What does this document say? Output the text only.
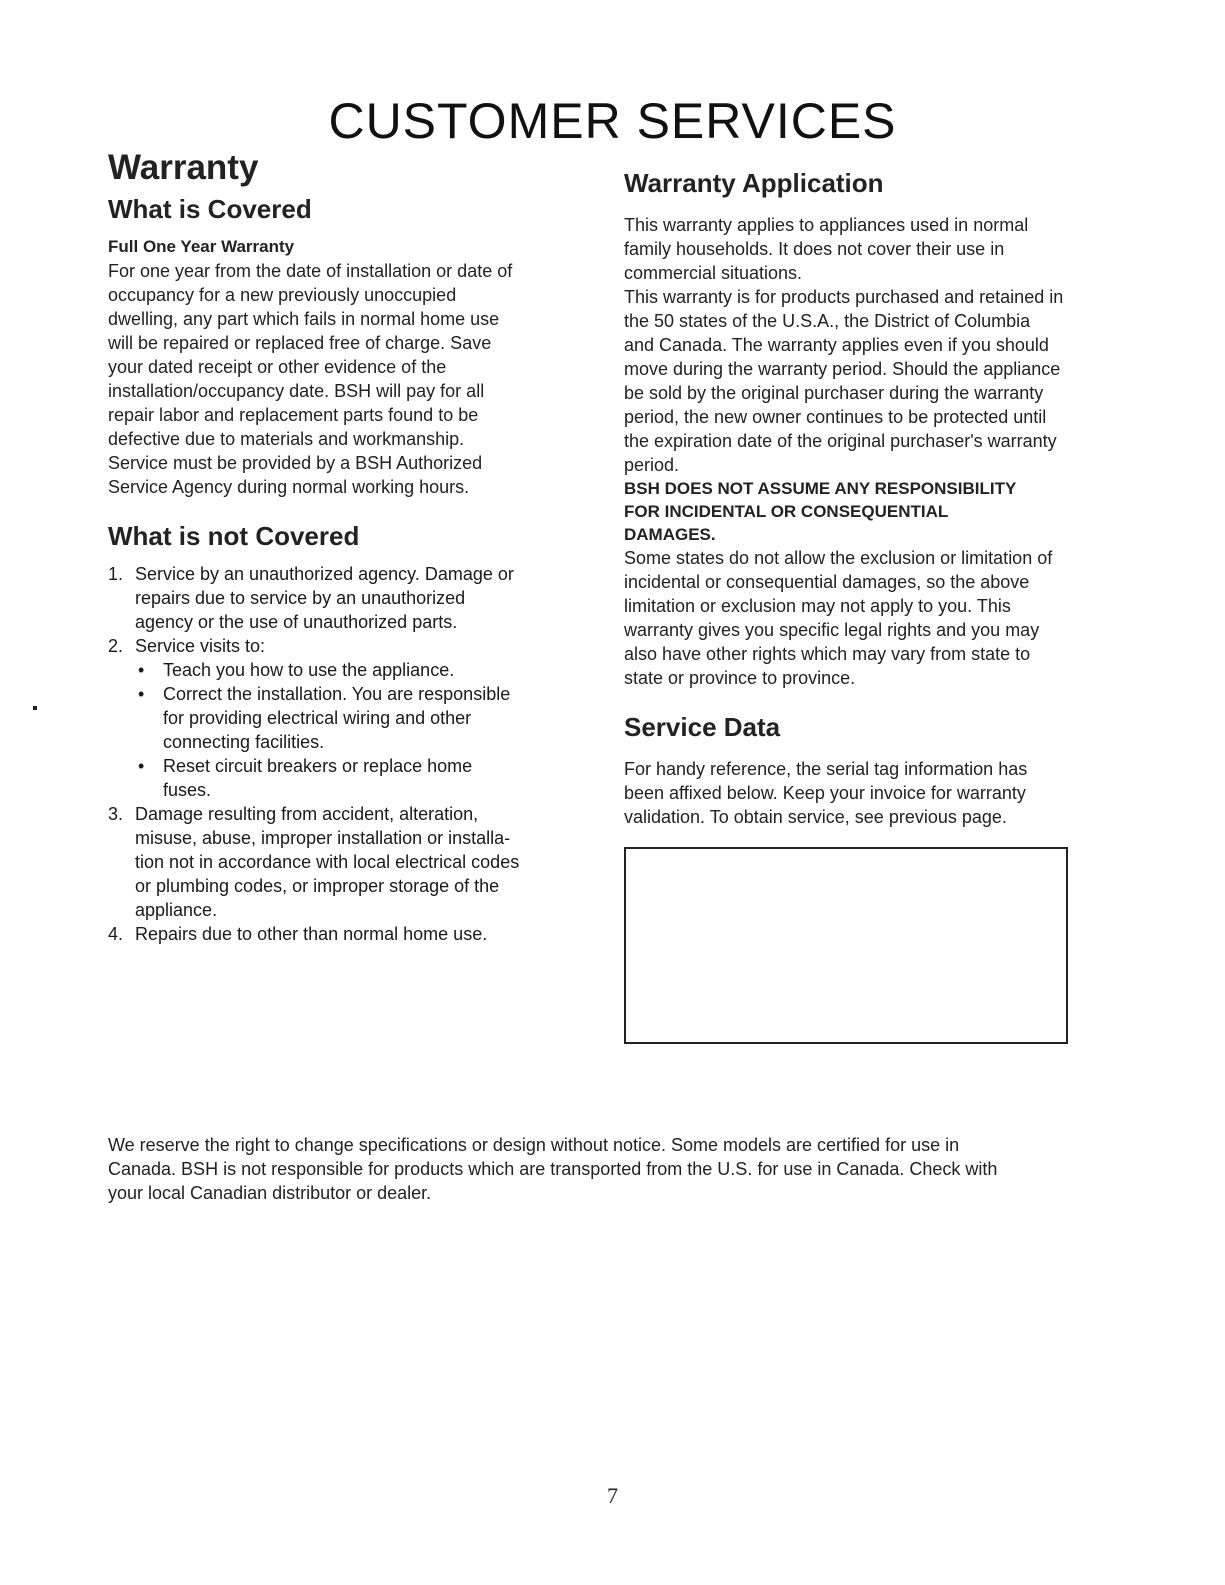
CUSTOMER SERVICES
Warranty
What is Covered
Full One Year Warranty

For one year from the date of installation or date of
occupancy for a new previously unoccupied
dwelling, any part which fails in normal home use
will be repaired or replaced free of charge. Save
your dated receipt or other evidence of the
installation/occupancy date. BSH will pay for all
repair labor and replacement parts found to be
defective due to materials and workmanship.
Service must be provided by a BSH Authorized
Service Agency during normal working hours.

What is not Covered
1. Service by an unauthorized agency. Damage or
repairs due to service by an unauthorized
agency or the use of unauthorized parts.
2. Service visits to:
• Teach you how to use the appliance.
• Correct the installation. You are responsible
for providing electrical wiring and other
connecting facilities.
• Reset circuit breakers or replace home
fuses.
3. Damage resulting from accident, alteration,
misuse, abuse, improper installation or installa-
tion not in accordance with local electrical codes
or plumbing codes, or improper storage of the
appliance.
4. Repairs due to other than normal home use.
Warranty Application

This warranty applies to appliances used in normal
family households. It does not cover their use in
commercial situations.

This warranty is for products purchased and retained in
the 50 states of the U.S.A., the District of Columbia
and Canada. The warranty applies even if you should
move during the warranty period. Should the appliance
be sold by the original purchaser during the warranty
period, the new owner continues to be protected until
the expiration date of the original purchaser's warranty
period.

BSH DOES NOT ASSUME ANY RESPONSIBILITY
FOR INCIDENTAL OR CONSEQUENTIAL
DAMAGES.

Some states do not allow the exclusion or limitation of
incidental or consequential damages, so the above
limitation or exclusion may not apply to you. This
warranty gives you specific legal rights and you may
also have other rights which may vary from state to
state or province to province.

Service Data

For handy reference, the serial tag information has
been affixed below. Keep your invoice for warranty
validation. To obtain service, see previous page.

We reserve the right to change specifications or design without notice. Some models are certified for use in
Canada. BSH is not responsible for products which are transported from the U.S. for use in Canada. Check with
your local Canadian distributor or dealer.

7
